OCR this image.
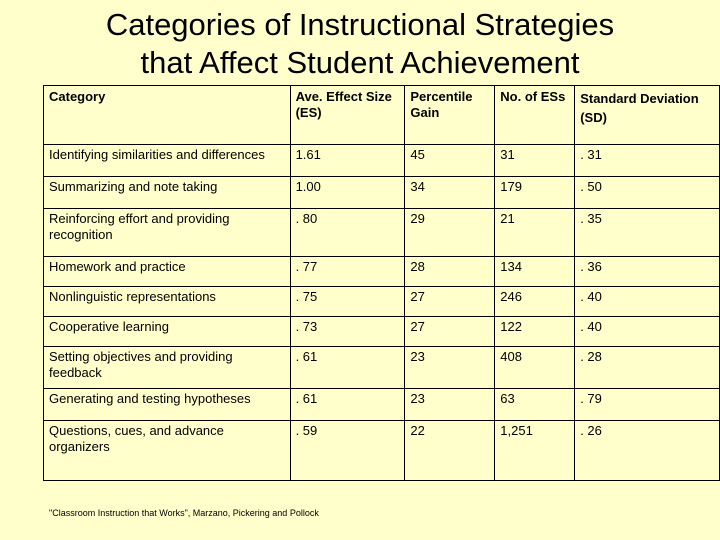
Categories of Instructional Strategies
that Affect Student Achievement
Category	Ave. Effect Size (ES)	Percentile Gain	No. of ESs	Standard Deviation (SD)
Identifying similarities and differences	1.61	45	31	. 31
Summarizing and note taking	1.00	34	179	. 50
Reinforcing effort and providing recognition	. 80	29	21	. 35
Homework and practice	. 77	28	134	. 36
Nonlinguistic representations	. 75	27	246	. 40
Cooperative learning	. 73	27	122	. 40
Setting objectives and providing feedback	. 61	23	408	. 28
Generating and testing hypotheses	. 61	23	63	. 79
Questions, cues, and advance organizers	. 59	22	1,251	. 26
"Classroom Instruction that Works", Marzano, Pickering and Pollock
